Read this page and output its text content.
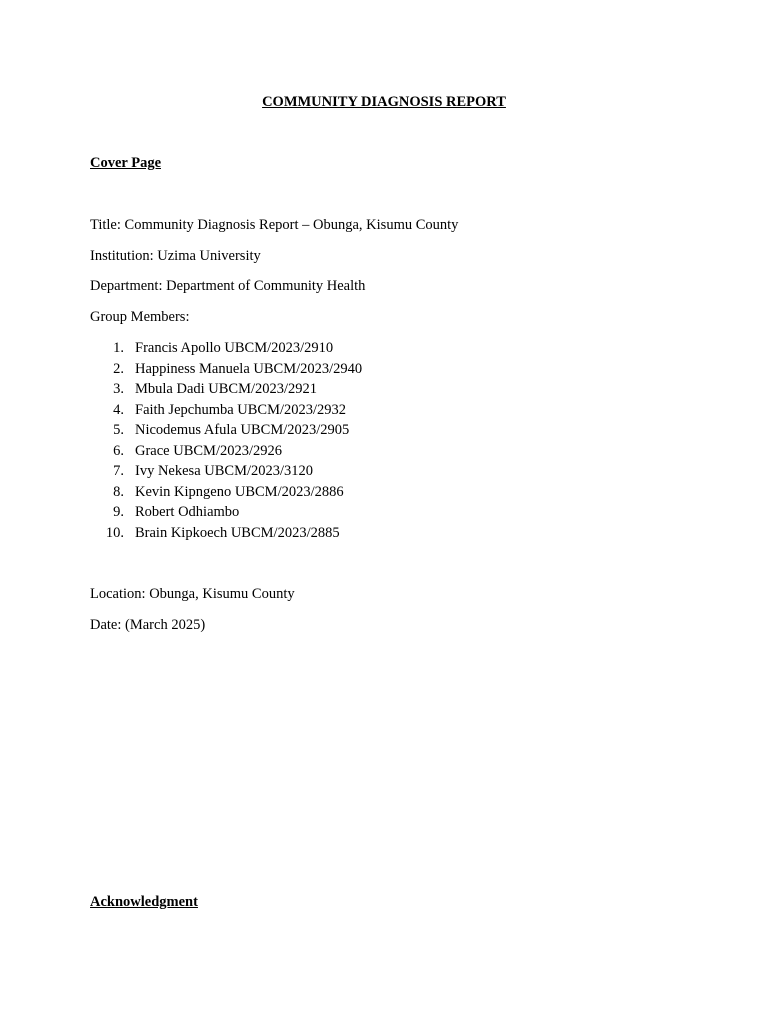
COMMUNITY DIAGNOSIS REPORT
Cover Page

Title: Community Diagnosis Report – Obunga, Kisumu County

Institution: Uzima University

Department: Department of Community Health

Group Members:

1. Francis Apollo UBCM/2023/2910
2. Happiness Manuela UBCM/2023/2940
3. Mbula Dadi UBCM/2023/2921
4. Faith Jepchumba UBCM/2023/2932
5. Nicodemus Afula UBCM/2023/2905
6. Grace UBCM/2023/2926
7. Ivy Nekesa UBCM/2023/3120
8. Kevin Kipngeno UBCM/2023/2886
9. Robert Odhiambo
10. Brain Kipkoech UBCM/2023/2885

Location: Obunga, Kisumu County

Date: (March 2025)

Acknowledgment
